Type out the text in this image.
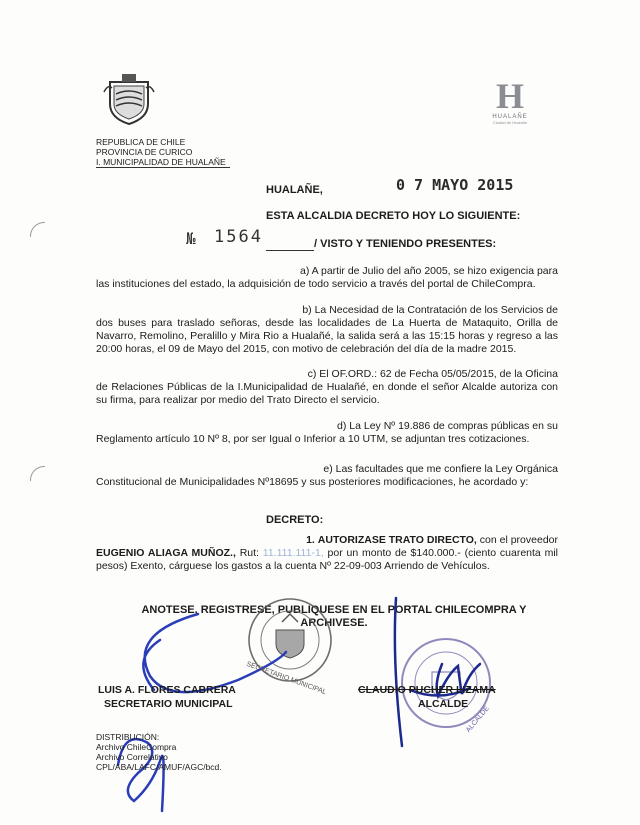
H
HUALAÑE
Ciudad de Hualañe
REPUBLICA DE CHILE
PROVINCIA DE CURICO
I. MUNICIPALIDAD DE HUALAÑE
HUALAÑE,	0 7 MAYO 2015
ESTA ALCALDIA DECRETO HOY LO SIGUIENTE:
№ 1564	/ VISTO Y TENIENDO PRESENTES:
a) A partir de Julio del año 2005, se hizo exigencia para
las instituciones del estado, la adquisición de todo servicio a través del portal de ChileCompra.
b) La Necesidad de la Contratación de los Servicios de
dos buses para traslado señoras, desde las localidades de La Huerta de Mataquito, Orilla de Navarro, Remolino, Peralillo y Mira Rio a Hualañé, la salida será a las 15:15 horas y regreso a las 20:00 horas, el 09 de Mayo del 2015, con motivo de celebración del día de la madre 2015.
c) El OF.ORD.: 62 de Fecha 05/05/2015, de la Oficina
de Relaciones Públicas de la I.Municipalidad de Hualañé, en donde el señor Alcalde autoriza con su firma, para realizar por medio del Trato Directo el servicio.
d) La Ley Nº 19.886 de compras públicas en su
Reglamento artículo 10 Nº 8, por ser Igual o Inferior a 10 UTM, se adjuntan tres cotizaciones.
e) Las facultades que me confiere la Ley Orgánica
Constitucional de Municipalidades Nº18695 y sus posteriores modificaciones, he acordado y:
DECRETO:
1. AUTORIZASE TRATO DIRECTO, con el proveedor
EUGENIO ALIAGA MUÑOZ., Rut: 11.111.111-1, por un monto de $140.000.- (ciento cuarenta mil pesos) Exento, cárguese los gastos a la cuenta Nº 22-09-003 Arriendo de Vehículos.
ANOTESE, REGISTRESE, PUBLIQUESE EN EL PORTAL CHILECOMPRA Y ARCHIVESE.
SECRETARIO MUNICIPAL
ALCALDE
LUIS A. FLORES CABRERA
SECRETARIO MUNICIPAL
CLAUDIO PUCHER LIZAMA
ALCALDE
DISTRIBUCIÓN:
Archivo ChileCompra
Archivo Correlativo
CPL/ABA/LAFC/AMUF/AGC/bcd.
